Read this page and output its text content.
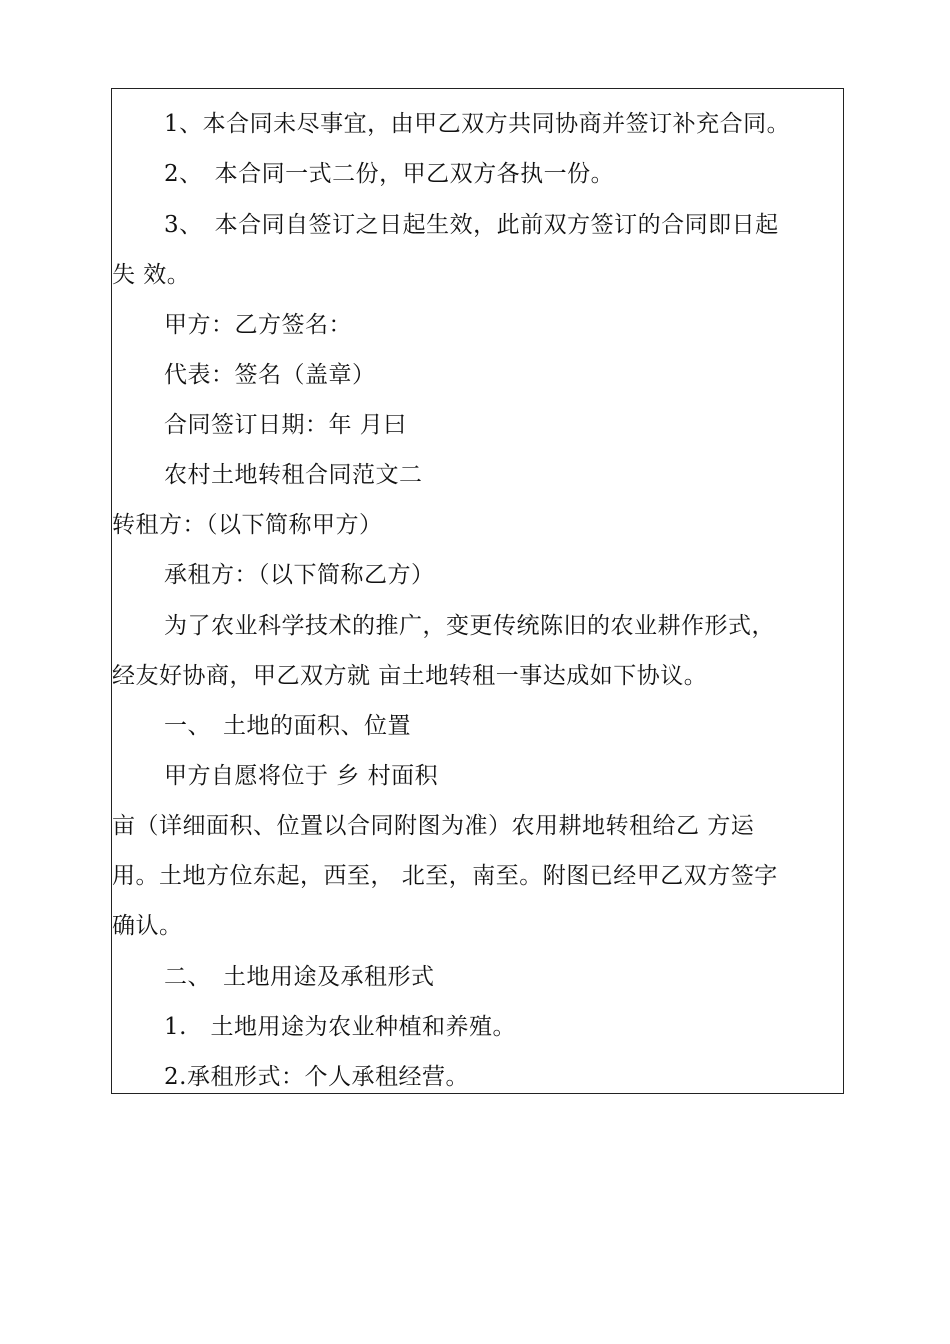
1、本合同未尽事宜，由甲乙双方共同协商并签订补充合同。
2、　本合同一式二份，甲乙双方各执一份。
3、　本合同自签订之日起生效，此前双方签订的合同即日起
失 效。
甲方：乙方签名：
代表：签名（盖章）
合同签订日期：年 月曰
农村土地转租合同范文二
转租方：（以下简称甲方）
承租方：（以下简称乙方）
为了农业科学技术的推广，变更传统陈旧的农业耕作形式，
经友好协商，甲乙双方就 亩土地转租一事达成如下协议。
一、　土地的面积、位置
甲方自愿将位于 乡 村面积
亩（详细面积、位置以合同附图为准）农用耕地转租给乙 方运
用。土地方位东起，西至， 北至，南至。附图已经甲乙双方签字
确认。
二、　土地用途及承租形式
1.　土地用途为农业种植和养殖。
2.承租形式：个人承租经营。
